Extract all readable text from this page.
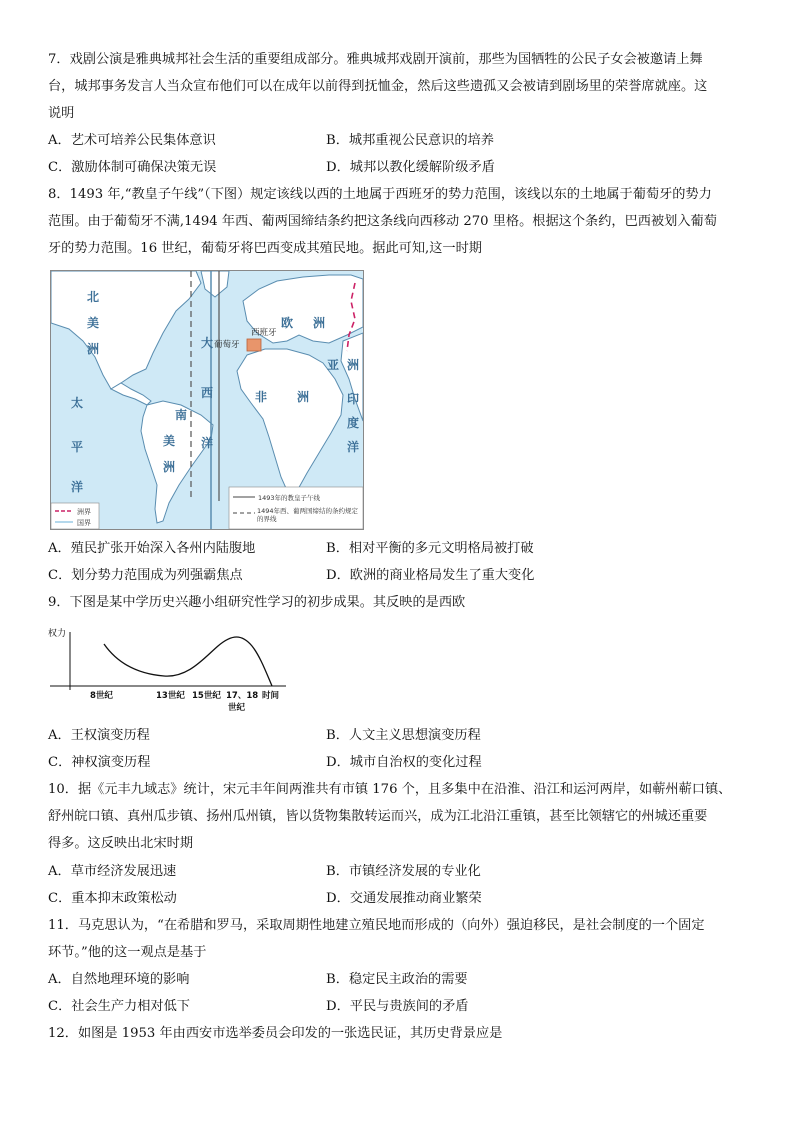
7．戏剧公演是雅典城邦社会生活的重要组成部分。雅典城邦戏剧开演前，那些为国牺牲的公民子女会被邀请上舞
台，城邦事务发言人当众宣布他们可以在成年以前得到抚恤金，然后这些遗孤又会被请到剧场里的荣誉席就座。这
说明
A．艺术可培养公民集体意识	B．城邦重视公民意识的培养
C．激励体制可确保决策无误	D．城邦以教化缓解阶级矛盾
8．1493 年,“教皇子午线”（下图）规定该线以西的土地属于西班牙的势力范围，该线以东的土地属于葡萄牙的势力
范围。由于葡萄牙不满,1494 年西、葡两国缔结条约把这条线向西移动 270 里格。根据这个条约，巴西被划入葡萄
牙的势力范围。16 世纪，葡萄牙将巴西变成其殖民地。据此可知,这一时期
北
美
洲
南
美
洲
太
平
洋
大
西
洋
欧 洲
亚 洲
非 洲	印
度
洋
西班牙
葡萄牙
洲界
国界
1493年的教皇子午线
1494年西、葡两国缔结的条约规定的界线
A．殖民扩张开始深入各州内陆腹地	B．相对平衡的多元文明格局被打破
C．划分势力范围成为列强霸焦点	D．欧洲的商业格局发生了重大变化
9．下图是某中学历史兴趣小组研究性学习的初步成果。其反映的是西欧
权力
8世纪	13世纪 15世纪 17、18 时间
世纪
A．王权演变历程	B．人文主义思想演变历程
C．神权演变历程	D．城市自治权的变化过程
10．据《元丰九域志》统计，宋元丰年间两淮共有市镇 176 个，且多集中在沿淮、沿江和运河两岸，如蕲州蕲口镇、
舒州皖口镇、真州瓜步镇、扬州瓜州镇，皆以货物集散转运而兴，成为江北沿江重镇，甚至比领辖它的州城还重要
得多。这反映出北宋时期
A．草市经济发展迅速	B．市镇经济发展的专业化
C．重本抑末政策松动	D．交通发展推动商业繁荣
11．马克思认为，“在希腊和罗马，采取周期性地建立殖民地而形成的（向外）强迫移民，是社会制度的一个固定
环节。”他的这一观点是基于
A．自然地理环境的影响	B．稳定民主政治的需要
C．社会生产力相对低下	D．平民与贵族间的矛盾
12．如图是 1953 年由西安市选举委员会印发的一张选民证，其历史背景应是
